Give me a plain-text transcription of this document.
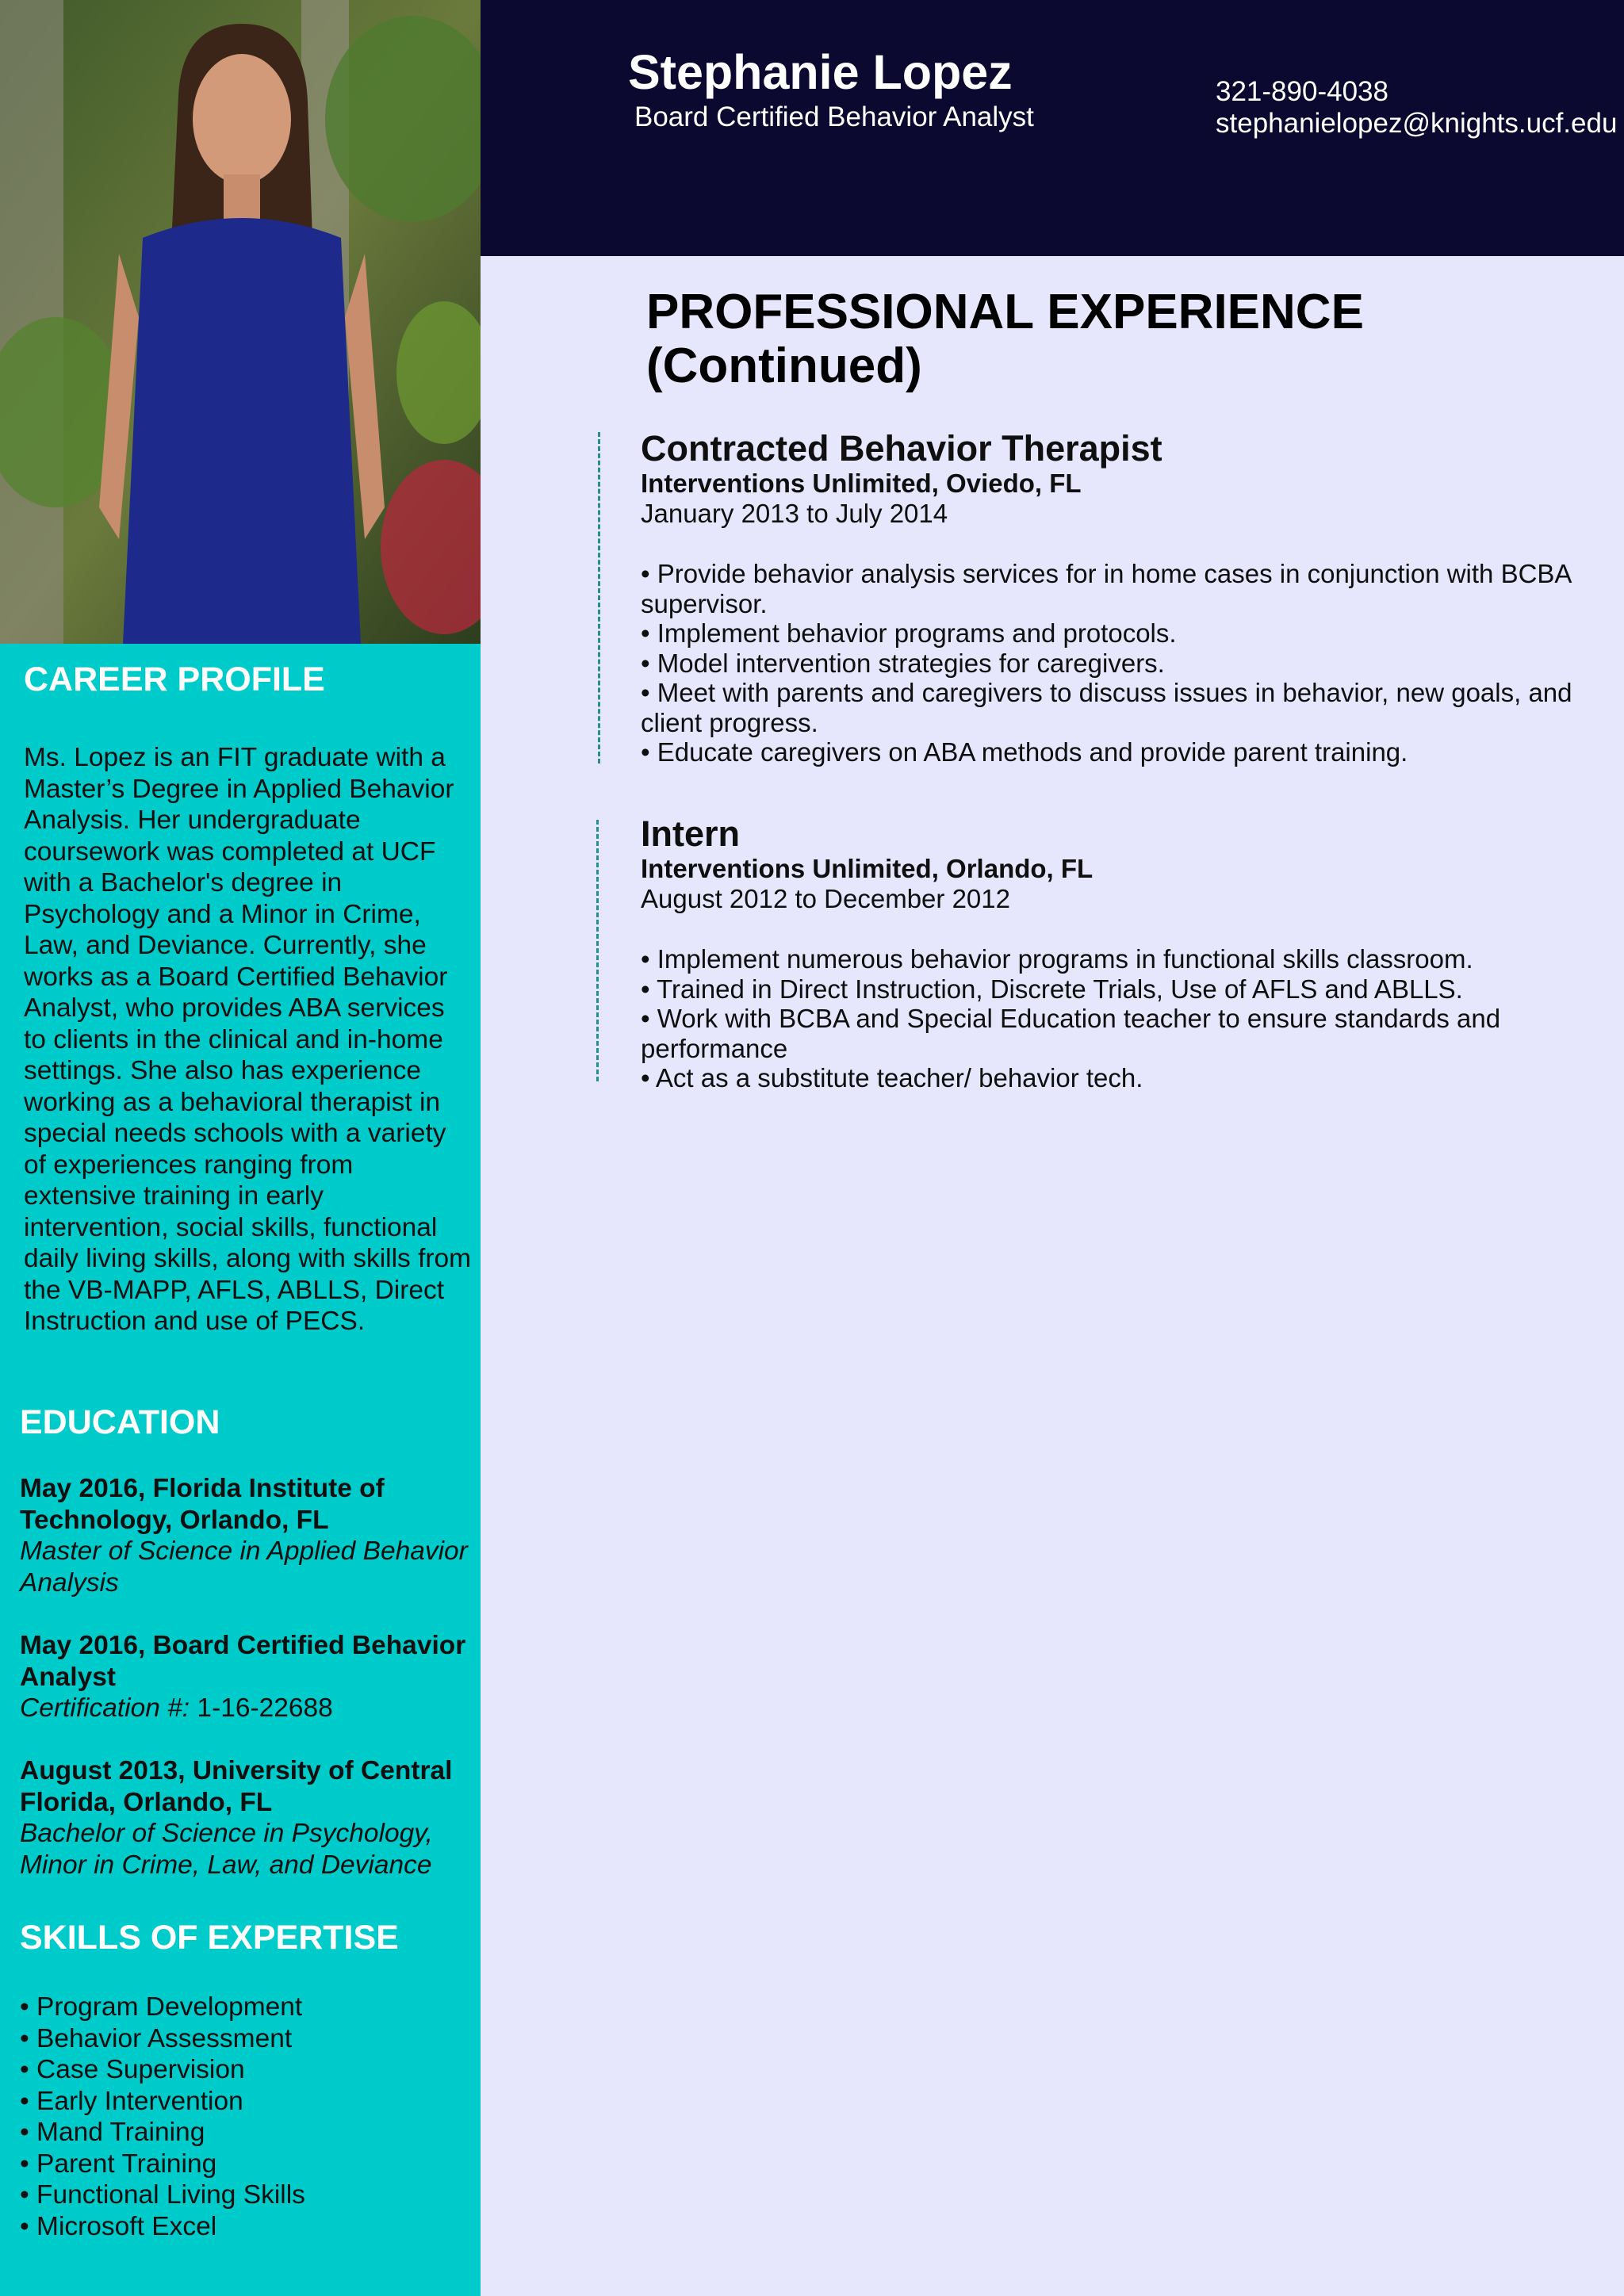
Stephanie Lopez

Board Certified Behavior Analyst

321-890-4038

stephanielopez@knights.ucf.edu

CAREER PROFILE

Ms. Lopez is an FIT graduate with a Master’s Degree in Applied Behavior Analysis. Her undergraduate coursework was completed at UCF with a Bachelor's degree in Psychology and a Minor in Crime, Law, and Deviance. Currently, she works as a Board Certified Behavior Analyst, who provides ABA services to clients in the clinical and in-home settings. She also has experience working as a behavioral therapist in special needs schools with a variety of experiences ranging from extensive training in early intervention, social skills, functional daily living skills, along with skills from the VB-MAPP, AFLS, ABLLS, Direct Instruction and use of PECS.

EDUCATION
May 2016, Florida Institute of Technology, Orlando, FL
Master of Science in Applied Behavior Analysis
May 2016, Board Certified Behavior Analyst
Certification #: 1-16-22688
August 2013, University of Central Florida, Orlando, FL
Bachelor of Science in Psychology, Minor in Crime, Law, and Deviance
SKILLS OF EXPERTISE
• Program Development
• Behavior Assessment
• Case Supervision
• Early Intervention
• Mand Training
• Parent Training
• Functional Living Skills
• Microsoft Excel
PROFESSIONAL EXPERIENCE
(Continued)

Contracted Behavior Therapist

Interventions Unlimited, Oviedo, FL

January 2013 to July 2014

• Provide behavior analysis services for in home cases in conjunction with BCBA supervisor.
• Implement behavior programs and protocols.
• Model intervention strategies for caregivers.
• Meet with parents and caregivers to discuss issues in behavior, new goals, and client progress.
• Educate caregivers on ABA methods and provide parent training.

Intern

Interventions Unlimited, Orlando, FL

August 2012 to December 2012

• Implement numerous behavior programs in functional skills classroom.
• Trained in Direct Instruction, Discrete Trials, Use of AFLS and ABLLS.
• Work with BCBA and Special Education teacher to ensure standards and performance
• Act as a substitute teacher/ behavior tech.
